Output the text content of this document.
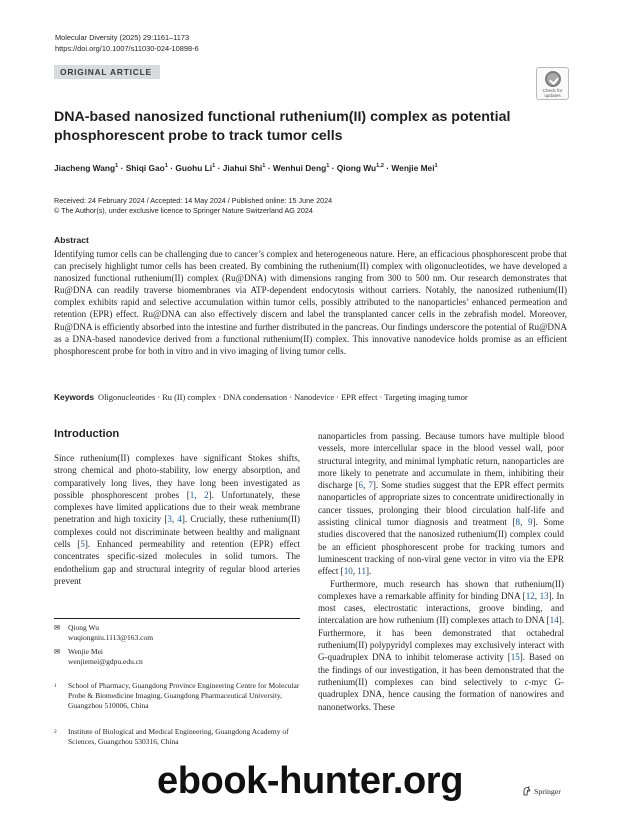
Molecular Diversity (2025) 29:1161–1173
https://doi.org/10.1007/s11030-024-10898-6
ORIGINAL ARTICLE
Check for
updates
DNA-based nanosized functional ruthenium(II) complex as potential phosphorescent probe to track tumor cells
Jiacheng Wang$^1$ · Shiqi Gao$^1$ · Guohu $Li^1$ · Jiahui Shi$^1$ · Wenhui Deng$^1$ · Qiong Wu$^{1,2}$ · Wenjie Mei$^1$
Received: 24 February 2024 / Accepted: 14 May 2024 / Published online: 15 June 2024
© The Author(s), under exclusive licence to Springer Nature Switzerland AG 2024
Abstract
Identifying tumor cells can be challenging due to cancer’s complex and heterogeneous nature. Here, an efficacious phosphorescent probe that can precisely highlight tumor cells has been created. By combining the ruthenium(II) complex with oligonucleotides, we have developed a nanosized functional ruthenium(II) complex (Ru@DNA) with dimensions ranging from 300 to 500 nm. Our research demonstrates that Ru@DNA can readily traverse biomembranes via ATP-dependent endocytosis without carriers. Notably, the nanosized ruthenium(II) complex exhibits rapid and selective accumulation within tumor cells, possibly attributed to the nanoparticles’ enhanced permeation and retention (EPR) effect. Ru@DNA can also effectively discern and label the transplanted cancer cells in the zebrafish model. Moreover, Ru@DNA is efficiently absorbed into the intestine and further distributed in the pancreas. Our findings underscore the potential of Ru@DNA as a DNA-based nanodevice derived from a functional ruthenium(II) complex. This innovative nanodevice holds promise as an efficient phosphorescent probe for both in vitro and in vivo imaging of living tumor cells.
Keywords Oligonucleotides · Ru (II) complex · DNA condensation · Nanodevice · EPR effect · Targeting imaging tumor
Introduction

Since ruthenium(II) complexes have significant Stokes shifts, strong chemical and photo-stability, low energy absorption, and comparatively long lives, they have long been investigated as possible phosphorescent probes [1, 2]. Unfortunately, these complexes have limited applications due to their weak membrane penetration and high toxicity [3, 4]. Crucially, these ruthenium(II) complexes could not discriminate between healthy and malignant cells [5]. Enhanced permeability and retention (EPR) effect concentrates specific-sized molecules in solid tumors. The endothelium gap and structural integrity of regular blood arteries prevent

nanoparticles from passing. Because tumors have multiple blood vessels, more intercellular space in the blood vessel wall, poor structural integrity, and minimal lymphatic return, nanoparticles are more likely to penetrate and accumulate in them, inhibiting their discharge [6, 7]. Some studies suggest that the EPR effect permits nanoparticles of appropriate sizes to concentrate unidirectionally in cancer tissues, prolonging their blood circulation half-life and assisting clinical tumor diagnosis and treatment [8, 9]. Some studies discovered that the nanosized ruthenium(II) complex could be an efficient phosphorescent probe for tracking tumors and luminescent tracking of non-viral gene vector in vitro via the EPR effect [10, 11].

Furthermore, much research has shown that ruthenium(II) complexes have a remarkable affinity for binding DNA [12, 13]. In most cases, electrostatic interactions, groove binding, and intercalation are how ruthenium (II) complexes attach to DNA [14]. Furthermore, it has been demonstrated that octahedral ruthenium(II) polypyridyl complexes may exclusively interact with G-quadruplex DNA to inhibit telomerase activity [15]. Based on the findings of our investigation, it has been demonstrated that the ruthenium(II) complexes can bind selectively to c-myc G-quadruplex DNA, hence causing the formation of nanowires and nanonetworks. These

✉	Qiong Wu
wuqiongniu.1113@163.com
✉	Wenjie Mei
wenjiemei@gdpu.edu.cn
1 School of Pharmacy, Guangdong Province Engineering Centre for Molecular Probe & Biomedicine Imaging, Guangdong Pharmaceutical University, Guangzhou 510006, China
2 Institute of Biological and Medical Engineering, Guangdong Academy of Sciences, Guangzhou 530316, China
Springer
ebook-hunter.org
